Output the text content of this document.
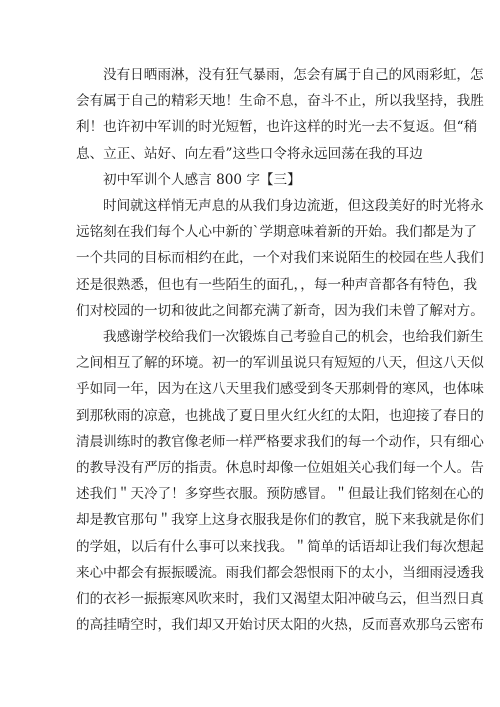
没有日晒雨淋，没有狂气暴雨，怎会有属于自己的风雨彩虹，怎
会有属于自己的精彩天地！生命不息，奋斗不止，所以我坚持，我胜
利！也许初中军训的时光短暂，也许这样的时光一去不复返。但“稍
息、立正、站好、向左看”这些口令将永远回荡在我的耳边
初中军训个人感言 800 字【三】
时间就这样悄无声息的从我们身边流逝，但这段美好的时光将永
远铭刻在我们每个人心中新的`学期意味着新的开始。我们都是为了
一个共同的目标而相约在此，一个对我们来说陌生的校园在些人我们
还是很熟悉，但也有一些陌生的面孔，，每一种声音都各有特色，我
们对校园的一切和彼此之间都充满了新奇，因为我们未曾了解对方。
我感谢学校给我们一次锻炼自己考验自己的机会，也给我们新生
之间相互了解的环境。初一的军训虽说只有短短的八天，但这八天似
乎如同一年，因为在这八天里我们感受到冬天那刺骨的寒风，也体味
到那秋雨的凉意，也挑战了夏日里火红火红的太阳，也迎接了春日的
清晨训练时的教官像老师一样严格要求我们的每一个动作，只有细心
的教导没有严厉的指责。休息时却像一位姐姐关心我们每一个人。告
述我们＂天冷了！多穿些衣服。预防感冒。＂但最让我们铭刻在心的
却是教官那句＂我穿上这身衣服我是你们的教官，脱下来我就是你们
的学姐，以后有什么事可以来找我。＂简单的话语却让我们每次想起
来心中都会有振振暖流。雨我们都会怨恨雨下的太小，当细雨浸透我
们的衣衫一振振寒风吹来时，我们又渴望太阳冲破乌云，但当烈日真
的高挂晴空时，我们却又开始讨厌太阳的火热，反而喜欢那乌云密布
